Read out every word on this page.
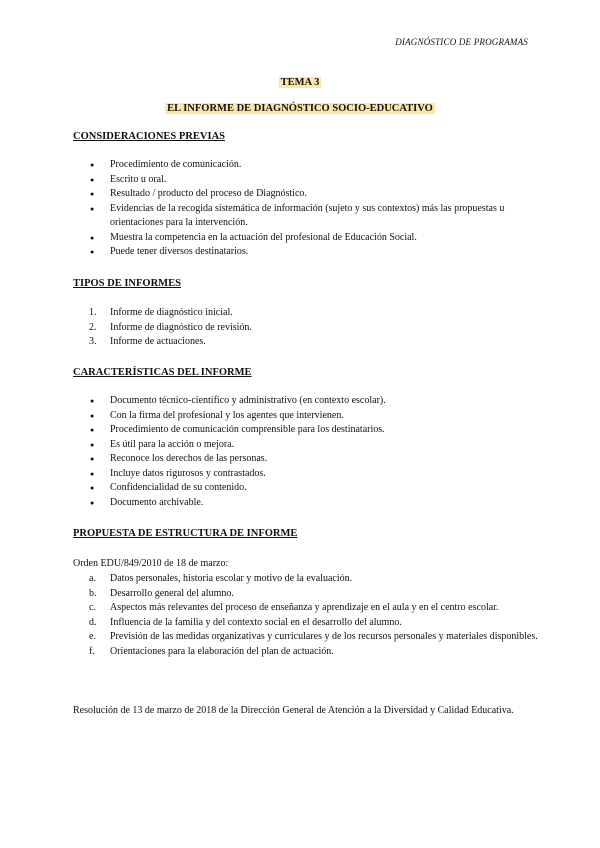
DIAGNÓSTICO DE PROGRAMAS
TEMA 3
EL INFORME DE DIAGNÓSTICO SOCIO-EDUCATIVO
CONSIDERACIONES PREVIAS
● Procedimiento de comunicación.
● Escrito u oral.
● Resultado / producto del proceso de Diagnóstico.
● Evidencias de la recogida sistemática de información (sujeto y sus contextos) más las propuestas u orientaciones para la intervención.
● Muestra la competencia en la actuación del profesional de Educación Social.
● Puede tener diversos destinatarios.
TIPOS DE INFORMES
1. Informe de diagnóstico inicial.
2. Informe de diagnóstico de revisión.
3. Informe de actuaciones.
CARACTERÍSTICAS DEL INFORME
● Documento técnico-científico y administrativo (en contexto escolar).
● Con la firma del profesional y los agentes que intervienen.
● Procedimiento de comunicación comprensible para los destinatarios.
● Es útil para la acción o mejora.
● Reconoce los derechos de las personas.
● Incluye datos rigurosos y contrastados.
● Confidencialidad de su contenido.
● Documento archivable.
PROPUESTA DE ESTRUCTURA DE INFORME
Orden EDU/849/2010 de 18 de marzo:
a. Datos personales, historia escolar y motivo de la evaluación.
b. Desarrollo general del alumno.
c. Aspectos más relevantes del proceso de enseñanza y aprendizaje en el aula y en el centro escolar.
d. Influencia de la familia y del contexto social en el desarrollo del alumno.
e. Previsión de las medidas organizativas y curriculares y de los recursos personales y materiales disponibles.
f. Orientaciones para la elaboración del plan de actuación.
Resolución de 13 de marzo de 2018 de la Dirección General de Atención a la Diversidad y Calidad Educativa.
